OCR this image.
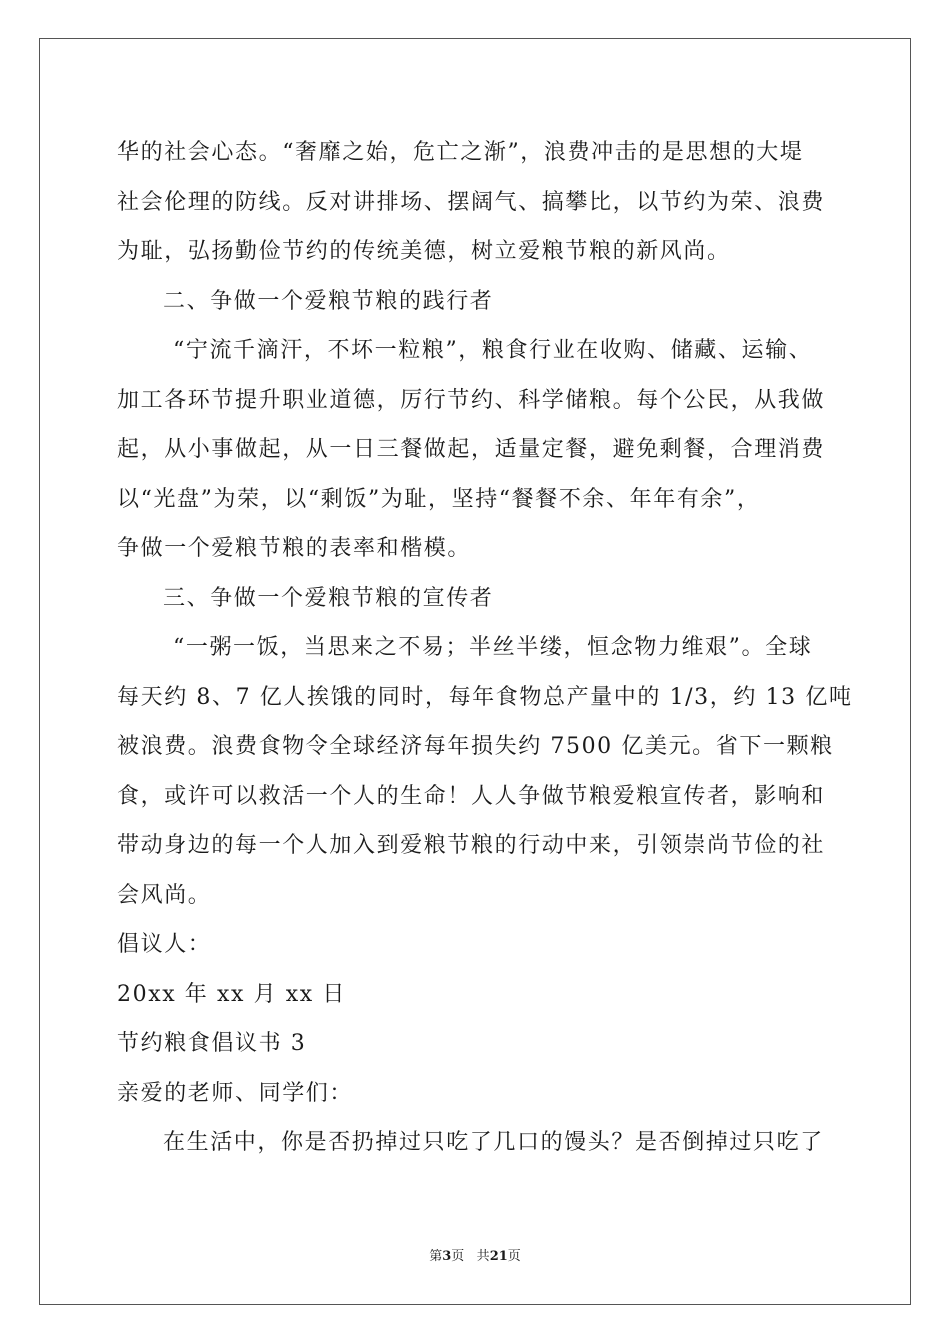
华的社会心态。“奢靡之始，危亡之渐”，浪费冲击的是思想的大堤
社会伦理的防线。反对讲排场、摆阔气、搞攀比，以节约为荣、浪费
为耻，弘扬勤俭节约的传统美德，树立爱粮节粮的新风尚。
二、争做一个爱粮节粮的践行者
“宁流千滴汗，不坏一粒粮”，粮食行业在收购、储藏、运输、
加工各环节提升职业道德，厉行节约、科学储粮。每个公民，从我做
起，从小事做起，从一日三餐做起，适量定餐，避免剩餐，合理消费
以“光盘”为荣，以“剩饭”为耻，坚持“餐餐不余、年年有余”，
争做一个爱粮节粮的表率和楷模。
三、争做一个爱粮节粮的宣传者
“一粥一饭，当思来之不易；半丝半缕，恒念物力维艰”。全球
每天约 8、7 亿人挨饿的同时，每年食物总产量中的 1/3，约 13 亿吨
被浪费。浪费食物令全球经济每年损失约 7500 亿美元。省下一颗粮
食，或许可以救活一个人的生命！人人争做节粮爱粮宣传者，影响和
带动身边的每一个人加入到爱粮节粮的行动中来，引领崇尚节俭的社
会风尚。
倡议人：
20xx 年 xx 月 xx 日
节约粮食倡议书 3
亲爱的老师、同学们：
在生活中，你是否扔掉过只吃了几口的馒头？是否倒掉过只吃了
第3页 共21页
